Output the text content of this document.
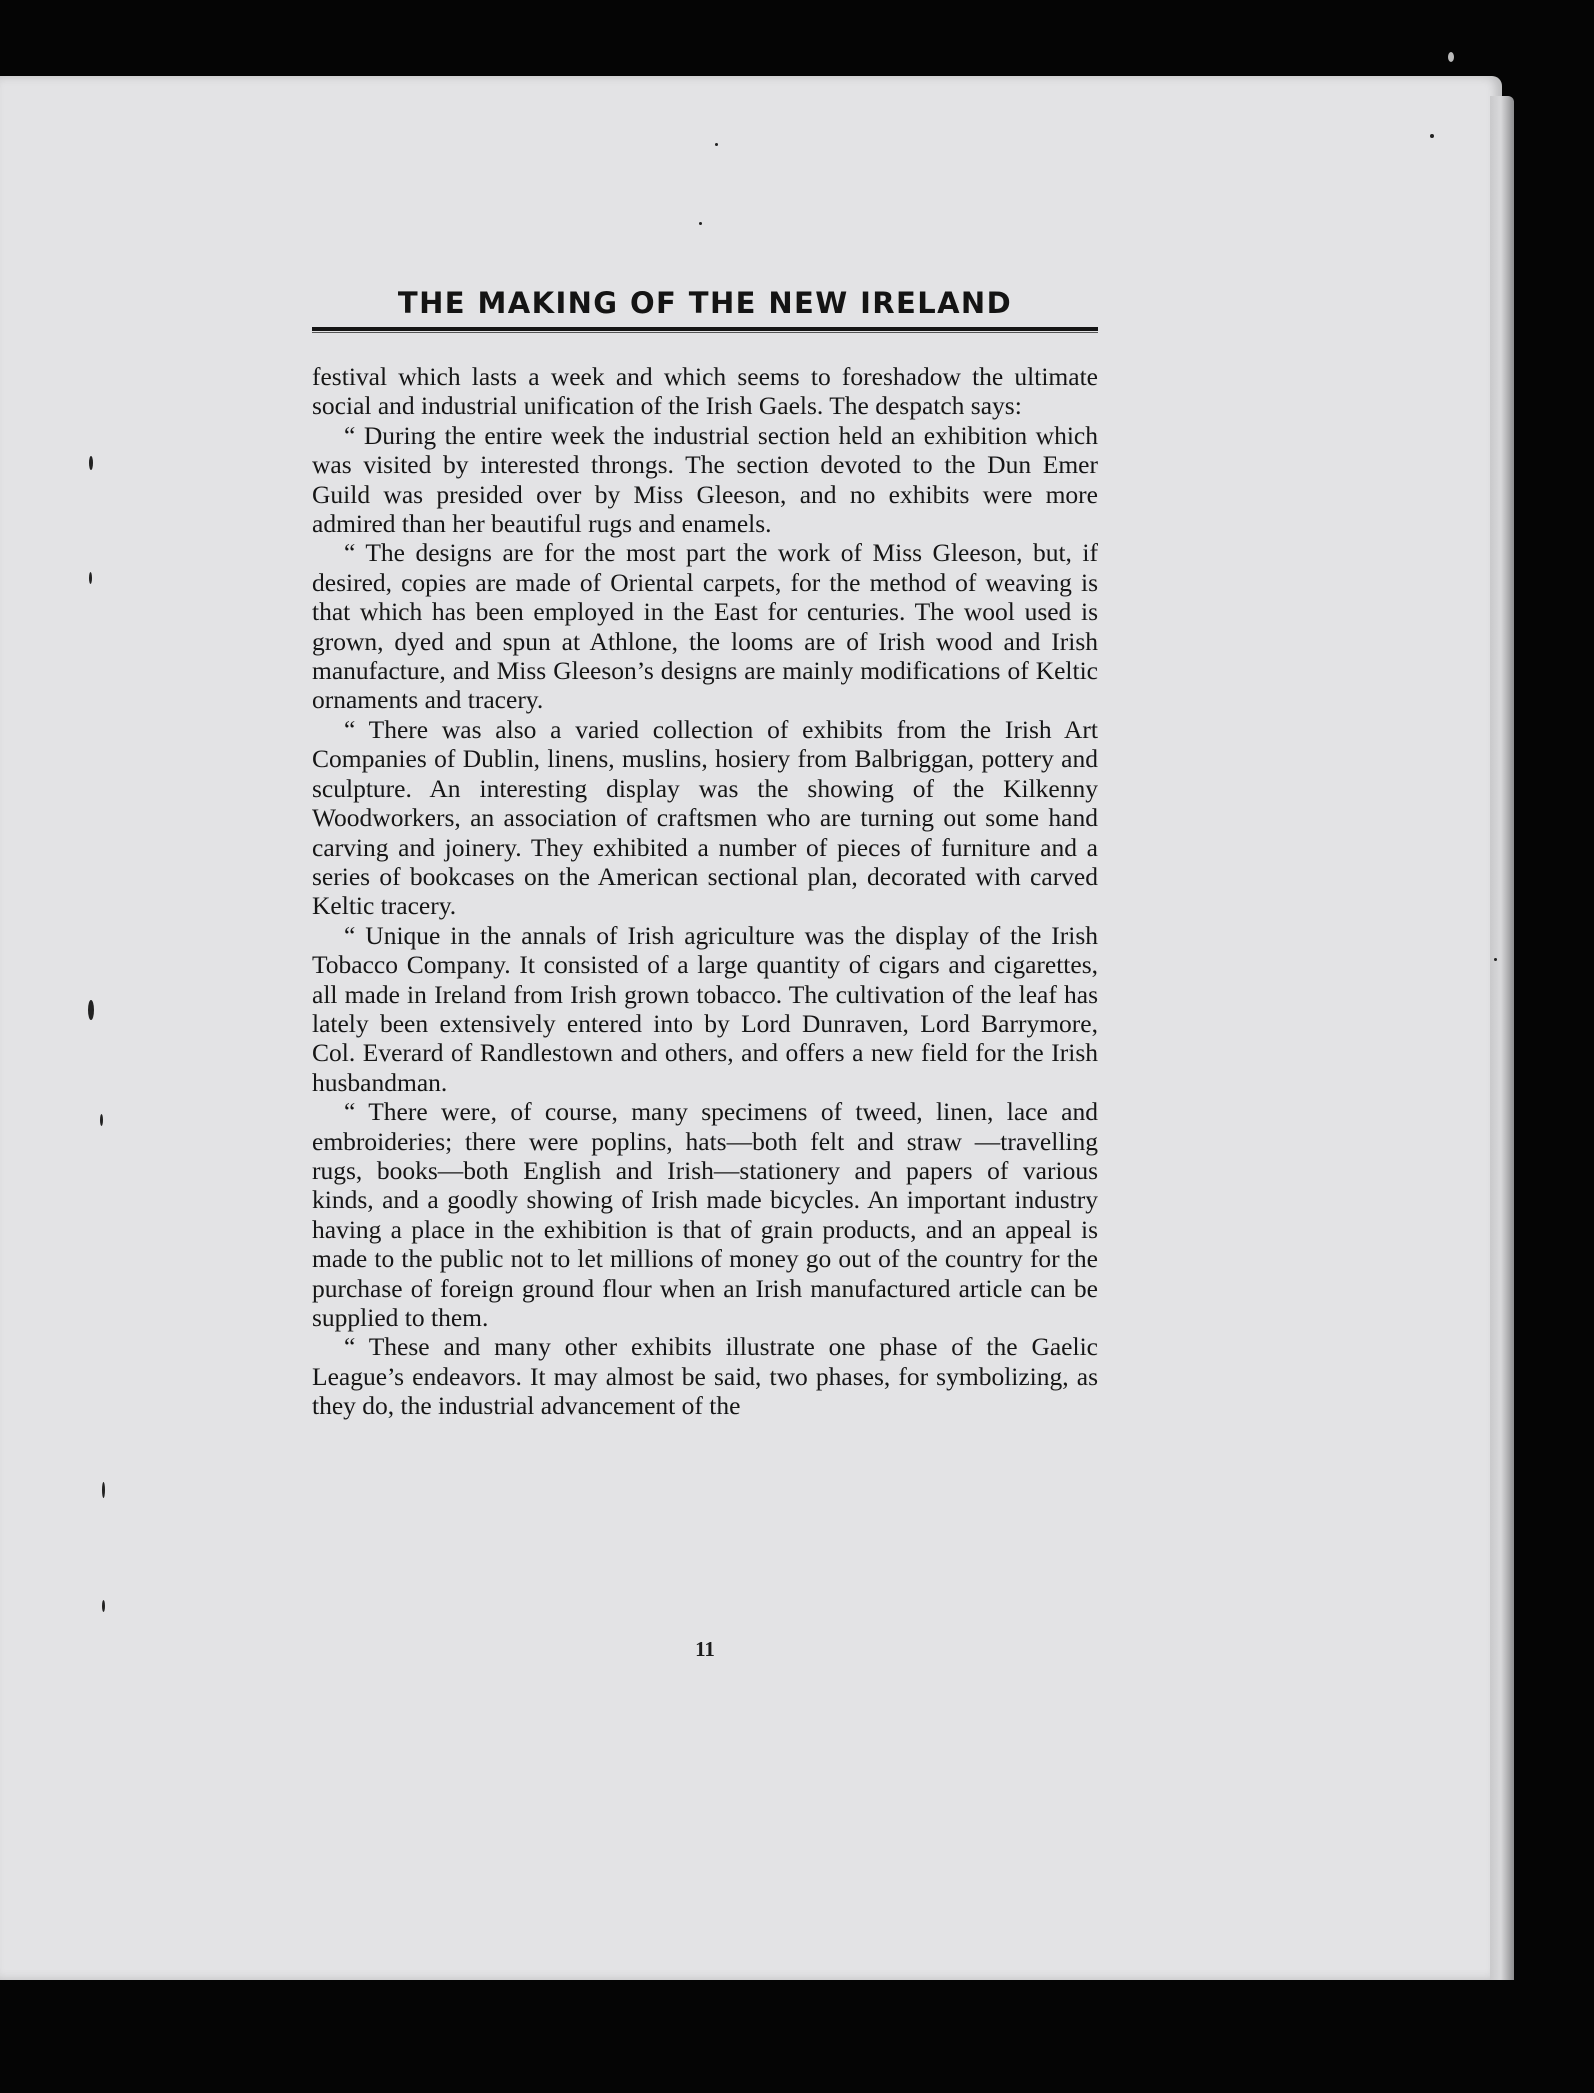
THE MAKING OF THE NEW IRELAND

festival which lasts a week and which seems to foreshadow the ultimate social and industrial unification of the Irish Gaels. The despatch says:

“ During the entire week the industrial section held an exhibition which was visited by interested throngs. The section devoted to the Dun Emer Guild was presided over by Miss Gleeson, and no exhibits were more admired than her beautiful rugs and enamels.

“ The designs are for the most part the work of Miss Gleeson, but, if desired, copies are made of Oriental carpets, for the method of weaving is that which has been employed in the East for centuries. The wool used is grown, dyed and spun at Athlone, the looms are of Irish wood and Irish manufacture, and Miss Gleeson’s designs are mainly modifications of Keltic ornaments and tracery.

“ There was also a varied collection of exhibits from the Irish Art Companies of Dublin, linens, muslins, hosiery from Balbriggan, pottery and sculpture. An interesting display was the showing of the Kilkenny Woodworkers, an association of craftsmen who are turning out some hand carving and joinery. They exhibited a number of pieces of furniture and a series of bookcases on the American sectional plan, decorated with carved Keltic tracery.

“ Unique in the annals of Irish agriculture was the display of the Irish Tobacco Company. It consisted of a large quantity of cigars and cigarettes, all made in Ireland from Irish grown tobacco. The cultivation of the leaf has lately been extensively entered into by Lord Dunraven, Lord Barrymore, Col. Everard of Randlestown and others, and offers a new field for the Irish husbandman.

“ There were, of course, many specimens of tweed, linen, lace and embroideries; there were poplins, hats—both felt and straw —travelling rugs, books—both English and Irish—stationery and papers of various kinds, and a goodly showing of Irish made bicycles. An important industry having a place in the exhibition is that of grain products, and an appeal is made to the public not to let millions of money go out of the country for the purchase of foreign ground flour when an Irish manufactured article can be supplied to them.

“ These and many other exhibits illustrate one phase of the Gaelic League’s endeavors. It may almost be said, two phases, for symbolizing, as they do, the industrial advancement of the

11
